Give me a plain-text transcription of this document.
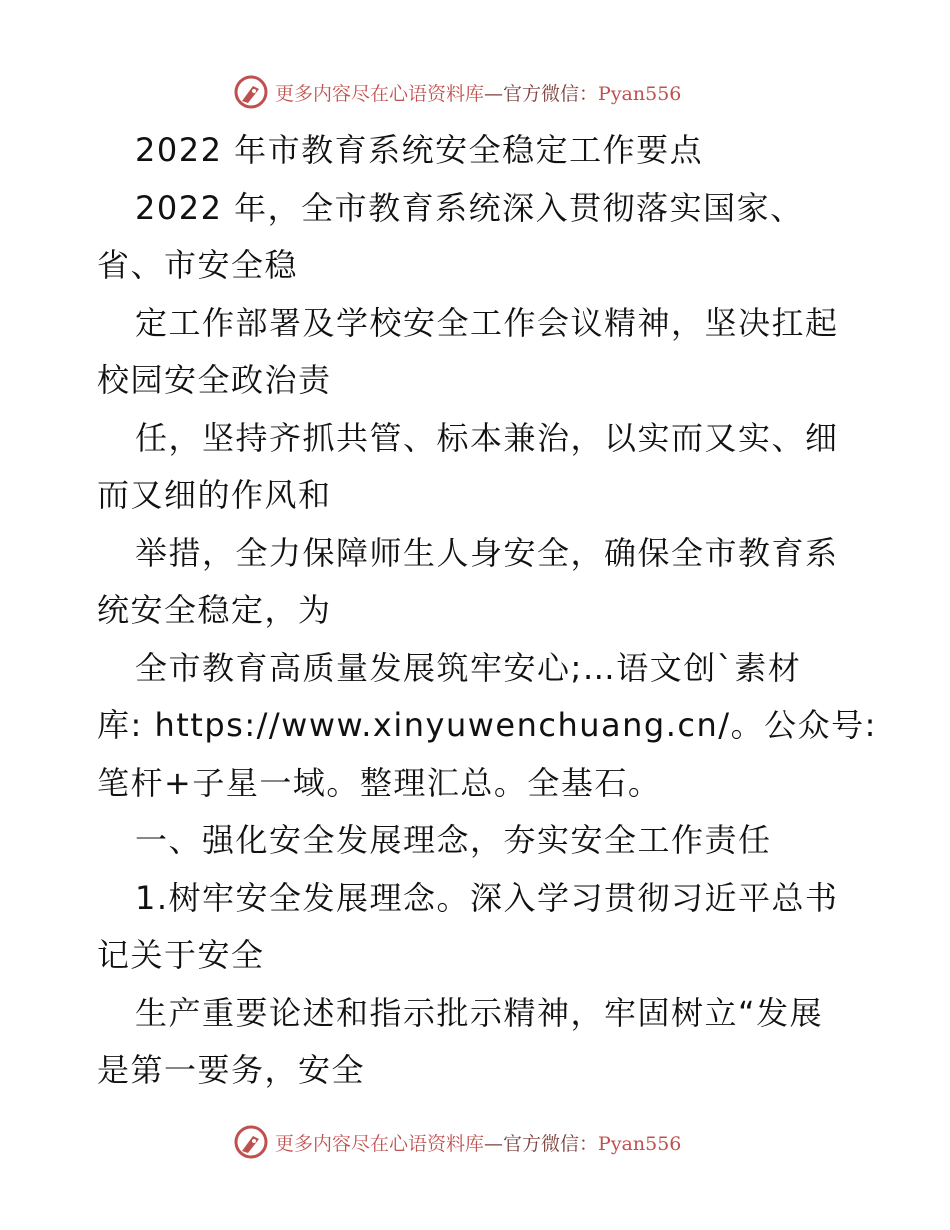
更多内容尽在心语资料库—官方微信：Pyan556
2022 年市教育系统安全稳定工作要点
2022 年，全市教育系统深入贯彻落实国家、
省、市安全稳
定工作部署及学校安全工作会议精神，坚决扛起
校园安全政治责
任，坚持齐抓共管、标本兼治，以实而又实、细
而又细的作风和
举措，全力保障师生人身安全，确保全市教育系
统安全稳定，为
全市教育高质量发展筑牢安心;…语文创`素材
库: https://www.xinyuwenchuang.cn/。公众号:
笔杆+子星一域。整理汇总。全基石。
一、强化安全发展理念，夯实安全工作责任
1.树牢安全发展理念。深入学习贯彻习近平总书
记关于安全
生产重要论述和指示批示精神，牢固树立“发展
是第一要务，安全
更多内容尽在心语资料库—官方微信：Pyan556
